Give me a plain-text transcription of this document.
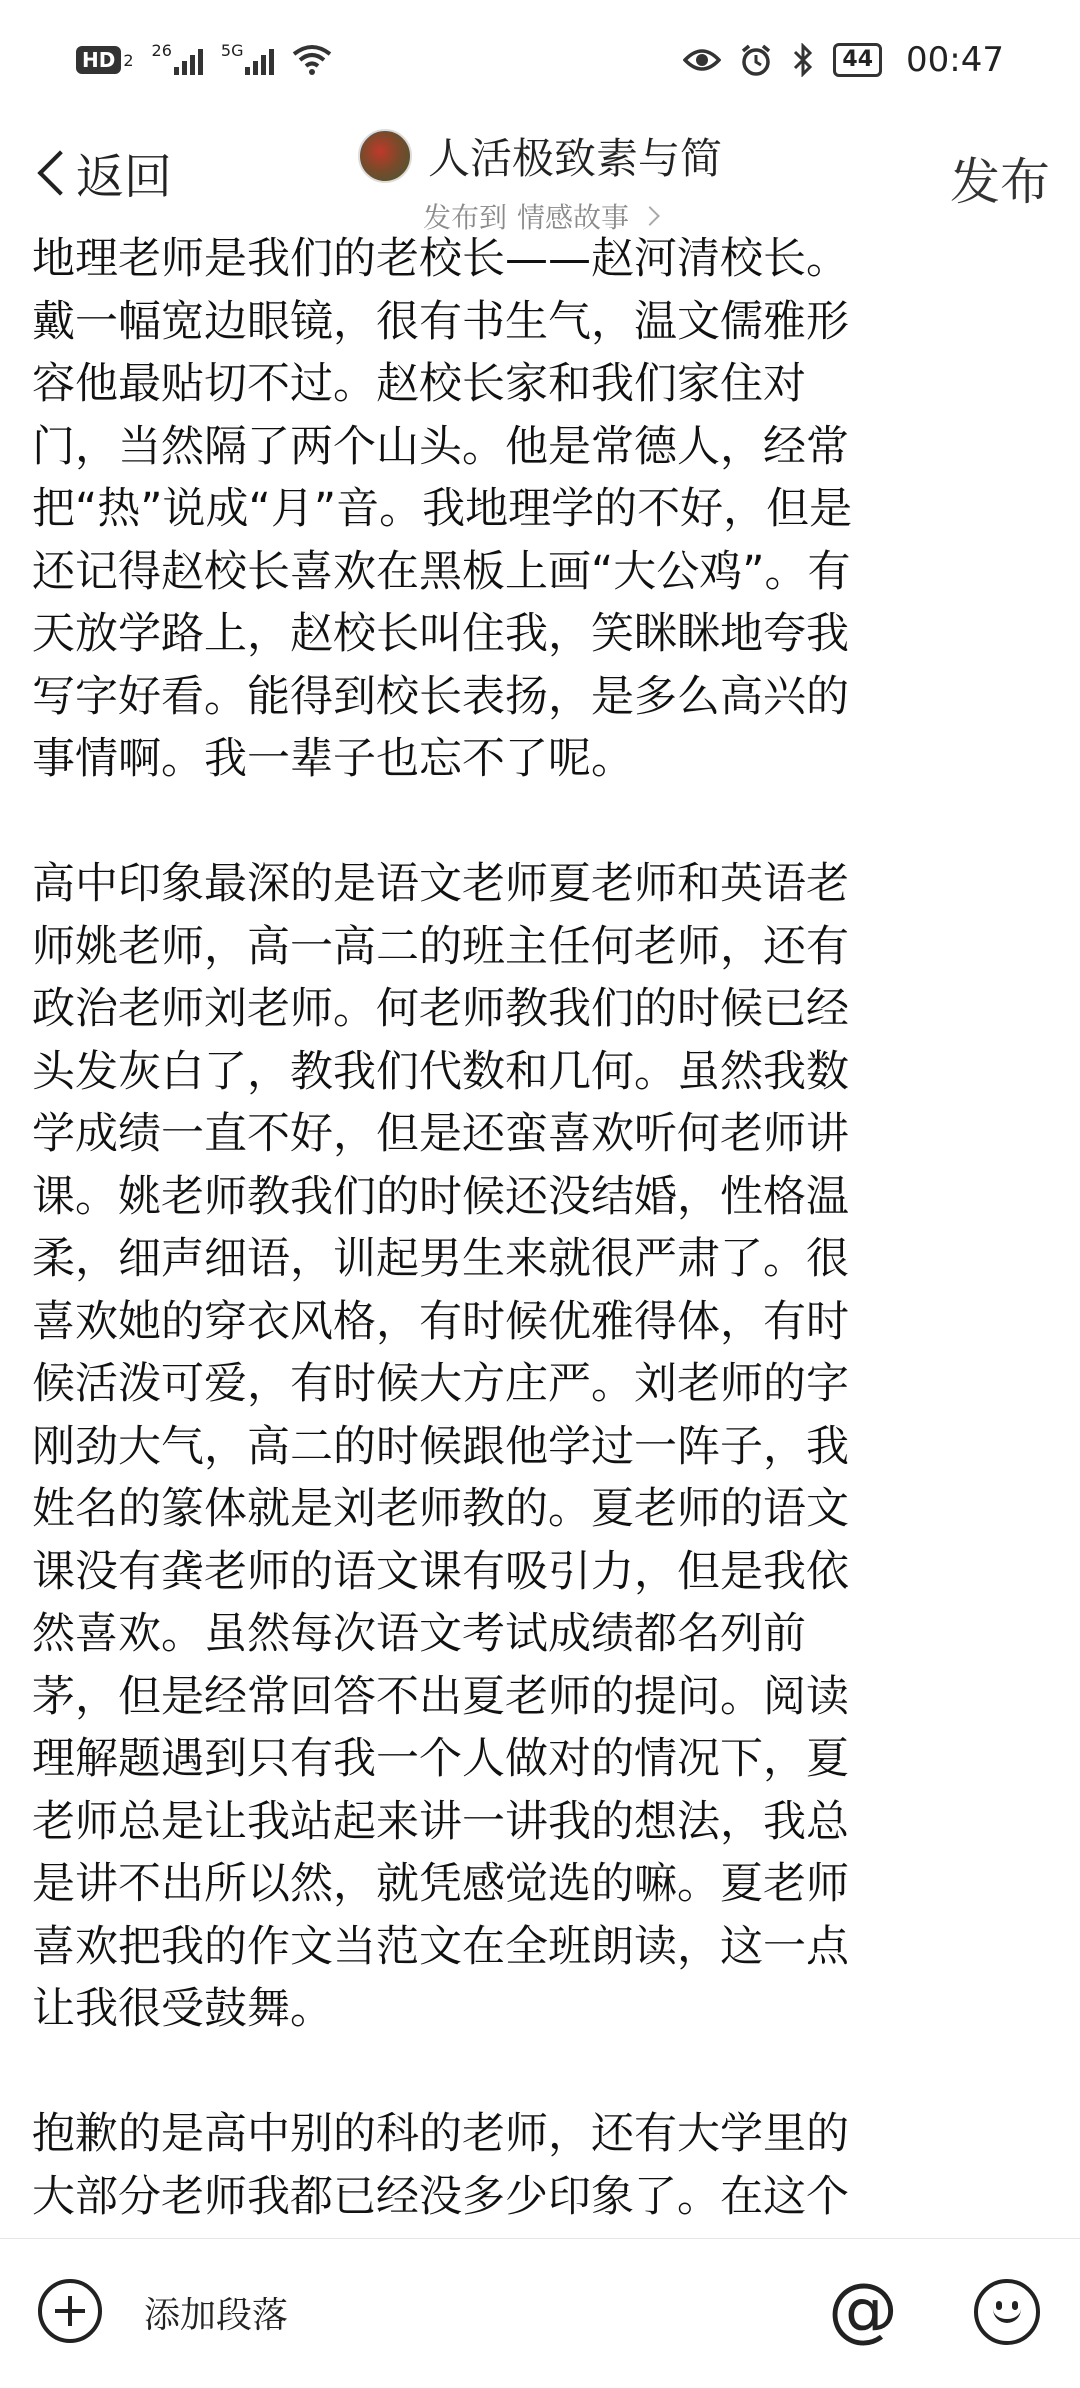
HD 2
26	5G	44 00:47
返回	人活极致素与简
发布到 情感故事
发布

地理老师是我们的老校长——赵河清校长。
戴一幅宽边眼镜，很有书生气，温文儒雅形
容他最贴切不过。赵校长家和我们家住对
门，当然隔了两个山头。他是常德人，经常
把“热”说成“月”音。我地理学的不好，但是
还记得赵校长喜欢在黑板上画“大公鸡”。有
天放学路上，赵校长叫住我，笑眯眯地夸我
写字好看。能得到校长表扬，是多么高兴的
事情啊。我一辈子也忘不了呢。

高中印象最深的是语文老师夏老师和英语老
师姚老师，高一高二的班主任何老师，还有
政治老师刘老师。何老师教我们的时候已经
头发灰白了，教我们代数和几何。虽然我数
学成绩一直不好，但是还蛮喜欢听何老师讲
课。姚老师教我们的时候还没结婚，性格温
柔，细声细语，训起男生来就很严肃了。很
喜欢她的穿衣风格，有时候优雅得体，有时
候活泼可爱，有时候大方庄严。刘老师的字
刚劲大气，高二的时候跟他学过一阵子，我
姓名的篆体就是刘老师教的。夏老师的语文
课没有龚老师的语文课有吸引力，但是我依
然喜欢。虽然每次语文考试成绩都名列前
茅，但是经常回答不出夏老师的提问。阅读
理解题遇到只有我一个人做对的情况下，夏
老师总是让我站起来讲一讲我的想法，我总
是讲不出所以然，就凭感觉选的嘛。夏老师
喜欢把我的作文当范文在全班朗读，这一点
让我很受鼓舞。

抱歉的是高中别的科的老师，还有大学里的
大部分老师我都已经没多少印象了。在这个

添加段落	@
